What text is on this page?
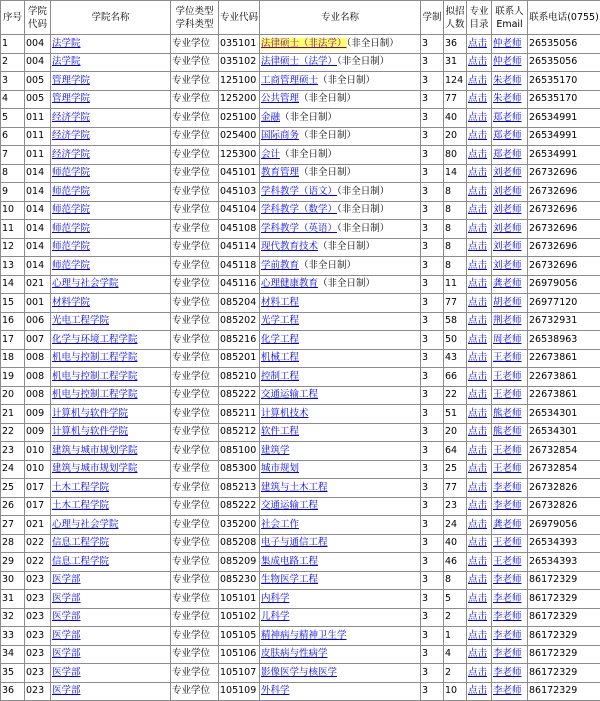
序号	学院代码	学院名称	学位类型学科类型	专业代码	专业名称	学制	拟招人数	专业目录	联系人Email	联系电话(0755)
1	004	法学院	专业学位	035101	法律硕士（非法学）（非全日制）	3	36	点击	仲老师	26535056
2	004	法学院	专业学位	035102	法律硕士（法学）（非全日制）	3	31	点击	仲老师	26535056
3	005	管理学院	专业学位	125100	工商管理硕士（非全日制）	3	124	点击	朱老师	26535170
4	005	管理学院	专业学位	125200	公共管理（非全日制）	3	77	点击	朱老师	26535170
5	011	经济学院	专业学位	025100	金融（非全日制）	3	40	点击	郑老师	26534991
6	011	经济学院	专业学位	025400	国际商务（非全日制）	3	20	点击	郑老师	26534991
7	011	经济学院	专业学位	125300	会计（非全日制）	3	80	点击	郑老师	26534991
8	014	师范学院	专业学位	045101	教育管理（非全日制）	3	14	点击	刘老师	26732696
9	014	师范学院	专业学位	045103	学科教学（语文）（非全日制）	3	8	点击	刘老师	26732696
10	014	师范学院	专业学位	045104	学科教学（数学）（非全日制）	3	8	点击	刘老师	26732696
11	014	师范学院	专业学位	045108	学科教学（英语）（非全日制）	3	8	点击	刘老师	26732696
12	014	师范学院	专业学位	045114	现代教育技术（非全日制）	3	8	点击	刘老师	26732696
13	014	师范学院	专业学位	045118	学前教育（非全日制）	3	8	点击	刘老师	26732696
14	021	心理与社会学院	专业学位	045116	心理健康教育（非全日制）	3	11	点击	龚老师	26979056
15	001	材料学院	专业学位	085204	材料工程	3	77	点击	胡老师	26977120
16	006	光电工程学院	专业学位	085202	光学工程	3	58	点击	荆老师	26732931
17	007	化学与环境工程学院	专业学位	085216	化学工程	3	50	点击	周老师	26538963
18	008	机电与控制工程学院	专业学位	085201	机械工程	3	43	点击	王老师	22673861
19	008	机电与控制工程学院	专业学位	085210	控制工程	3	66	点击	王老师	22673861
20	008	机电与控制工程学院	专业学位	085222	交通运输工程	3	22	点击	王老师	22673861
21	009	计算机与软件学院	专业学位	085211	计算机技术	3	51	点击	熊老师	26534301
22	009	计算机与软件学院	专业学位	085212	软件工程	3	20	点击	熊老师	26534301
23	010	建筑与城市规划学院	专业学位	085100	建筑学	3	64	点击	王老师	26732854
24	010	建筑与城市规划学院	专业学位	085300	城市规划	3	25	点击	王老师	26732854
25	017	土木工程学院	专业学位	085213	建筑与土木工程	3	77	点击	李老师	26732826
26	017	土木工程学院	专业学位	085222	交通运输工程	3	23	点击	李老师	26732826
27	021	心理与社会学院	专业学位	035200	社会工作	3	24	点击	龚老师	26979056
28	022	信息工程学院	专业学位	085208	电子与通信工程	3	40	点击	王老师	26534393
29	022	信息工程学院	专业学位	085209	集成电路工程	3	46	点击	王老师	26534393
30	023	医学部	专业学位	085230	生物医学工程	3	8	点击	李老师	86172329
31	023	医学部	专业学位	105101	内科学	3	5	点击	李老师	86172329
32	023	医学部	专业学位	105102	儿科学	3	2	点击	李老师	86172329
33	023	医学部	专业学位	105105	精神病与精神卫生学	3	1	点击	李老师	86172329
34	023	医学部	专业学位	105106	皮肤病与性病学	3	4	点击	李老师	86172329
35	023	医学部	专业学位	105107	影像医学与核医学	3	2	点击	李老师	86172329
36	023	医学部	专业学位	105109	外科学	3	10	点击	李老师	86172329
